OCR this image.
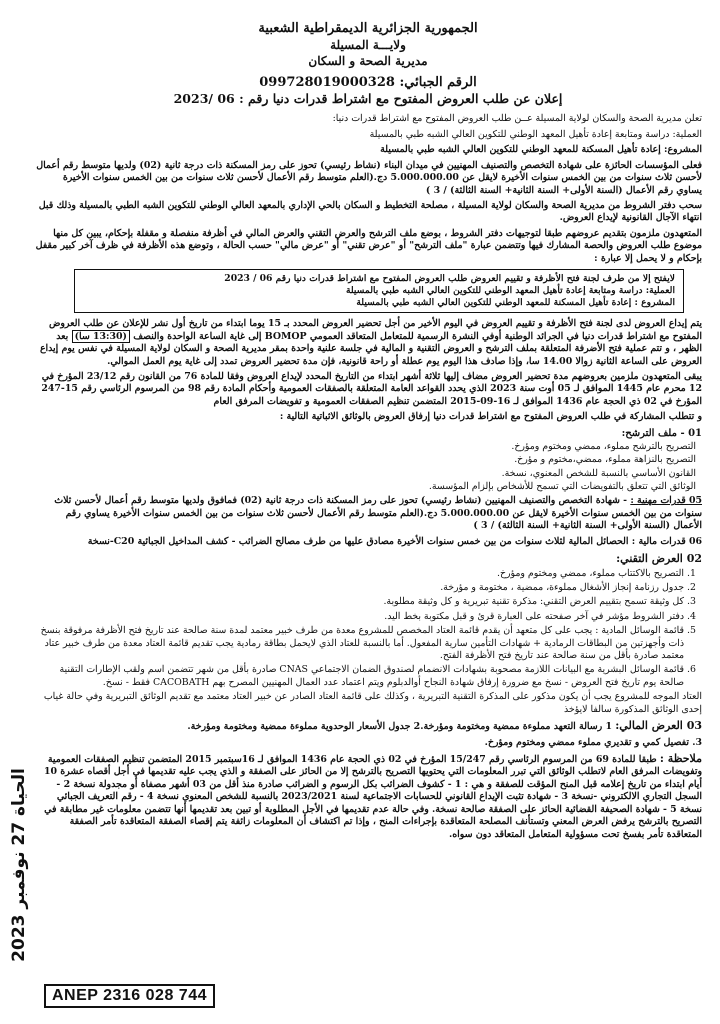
الجمهورية الجزائرية الديمقراطية الشعبية
ولايـــة المسيلة
مديرية الصحة و السكان
الرقم الجبائي: 099728019000328
إعلان عن طلب العروض المفتوح مع اشتراط قدرات دنيا رقم : 06 /2023

تعلن مديرية الصحة والسكان لولاية المسيلة عــن طلب العروض المفتوح مع اشتراط قدرات دنيا:

العملية: دراسة ومتابعة إعادة تأهيل المعهد الوطني للتكوين العالي الشبه طبي بالمسيلة

المشروع: إعادة تأهيل المسكنة للمعهد الوطني للتكوين العالي الشبه طبي بالمسيلة

فعلى المؤسسات الحائزة على شهادة التخصص والتصنيف المهنيين في ميدان البناء (نشاط رئيسي) تحوز على رمز المسكنة ذات درجة ثانية (02) ولديها متوسط رقم أعمال لأحسن ثلاث سنوات من بين الخمس سنوات الأخيرة لايقل عن 5.000.000.00 دج.(العلم متوسط رقم الأعمال لأحسن ثلاث سنوات من بين الخمس سنوات الأخيرة يساوي رقم الأعمال (السنة الأولى+ السنة الثانية+ السنة الثالثة) / 3 )

سحب دفتر الشروط من مديرية الصحة والسكان لولاية المسيلة ، مصلحة التخطيط و السكان بالحي الإداري بالمعهد العالي الوطني للتكوين الشبه الطبي بالمسيلة وذلك قبل انتهاء الآجال القانونية لإيداع العروض.

المتعهدون ملزمون بتقديم عروضهم طبقا لتوجيهات دفتر الشروط ، بوضع ملف الترشح والعرض التقني والعرض المالي في أظرفة منفصلة و مقفلة بإحكام، يبين كل منها موضوع طلب العروض والحصة المشارك فيها وتتضمن عبارة "ملف الترشح" أو "عرض تقني" أو "عرض مالي" حسب الحالة ، وتوضع هذه الأظرفة في ظرف آخر كبير مقفل بإحكام و لا يحمل إلا عبارة :

لايفتح إلا من طرف لجنة فتح الأظرفة و تقييم العروض طلب العروض المفتوح مع اشتراط قدرات دنيا رقم 06 / 2023
العملية: دراسة ومتابعة إعادة تأهيل المعهد الوطني للتكوين العالي الشبه طبي بالمسيلة
المشروع : إعادة تأهيل المسكنة للمعهد الوطني للتكوين العالي الشبه طبي بالمسيلة

يتم إيداع العروض لدى لجنة فتح الأظرفة و تقييم العروض في اليوم الأخير من أجل تحضير العروض المحدد بـ 15 يوما ابتداء من تاريخ أول نشر للإعلان عن طلب العروض المفتوح مع اشتراط قدرات دنيا في الجرائد الوطنية أوفي النشرة الرسمية للمتعامل المتعاقد العمومي BOMOP إلى غاية الساعة الواحدة والنصف (13:30 سا) بعد الظهر ، و تتم عملية فتح الأضرفة المتعلقة بملف الترشح و العروض التقنية و المالية في جلسة علنية واحدة بمقر مديرية الصحة و السكان لولاية المسيلة في نفس يوم إيداع العروض على الساعة الثانية زوالا 14.00 سا، وإذا صادف هذا اليوم يوم عطلة أو راحة قانونية، فإن مدة تحضير العروض تمدد إلى غاية يوم العمل الموالي.

يبقى المتعهدون ملزمين بعروضهم مدة تحضير العروض مضاف إليها ثلاثة أشهر ابتداء من التاريخ المحدد لإيداع العروض وفقا للمادة 76 من القانون رقم 23/12 المؤرخ في 12 محرم عام 1445 الموافق لـ 05 أوت سنة 2023 الذي يحدد القواعد العامة المتعلقة بالصفقات العمومية وأحكام المادة رقم 98 من المرسوم الرئاسي رقم 15-247 المؤرخ في 02 ذي الحجة عام 1436 الموافق لـ 16-09-2015 المتضمن تنظيم الصفقات العمومية و تفويضات المرفق العام

و تتطلب المشاركة في طلب العروض المفتوح مع اشتراط قدرات دنيا إرفاق العروض بالوثائق الاثباتية التالية :

01 - ملف الترشح:
التصريح بالترشح مملوء، ممضي ومختوم ومؤرخ.
التصريح بالنزاهة مملوء، ممضي،مختوم و مؤرخ.
القانون الأساسي بالنسبة للشخص المعنوي، نسخة.
الوثائق التي تتعلق بالتفويضات التي تسمح للأشخاص بإلزام المؤسسة.

05 قدرات مهنية : - شهادة التخصص والتصنيف المهنيين (نشاط رئيسي) تحوز على رمز المسكنة ذات درجة ثانية (02) فمافوق ولديها متوسط رقم أعمال لأحسن ثلاث سنوات من بين الخمس سنوات الأخيرة لايقل عن 5.000.000.00 دج.(العلم متوسط رقم الأعمال لأحسن ثلاث سنوات من بين الخمس سنوات الأخيرة يساوي رقم الأعمال (السنة الأولى+ السنة الثانية+ السنة الثالثة) / 3 )

06 قدرات مالية : الحصائل المالية لثلاث سنوات من بين خمس سنوات الأخيرة مصادق عليها من طرف مصالح الضرائب - كشف المداخيل الجبائية C20-نسخة

02 العرض التقني:
1. التصريح بالاكتتاب مملوء، ممضي ومختوم ومؤرخ.
2. جدول رزنامة إنجاز الأشغال مملوءة، ممضية ، مختومة و مؤرخة.
3. كل وثيقة تسمح بتقييم العرض التقني: مذكرة تقنية تبريرية و كل وثيقة مطلوبة.
4. دفتر الشروط مؤشر في آخر صفحته على العبارة قرئ و قبل مكتوبة بخط اليد.
5. قائمة الوسائل المادية : يجب على كل متعهد أن يقدم قائمة العتاد المخصص للمشروع معدة من طرف خبير معتمد لمدة سنة صالحة عند تاريخ فتح الأظرفة مرفوقة بنسخ ذات وأجهزتين من البطاقات الرمادية + شهادات التأمين سارية المفعول. أما بالنسبة للعتاد الذي لايحمل بطاقة رمادية يجب تقديم قائمة العتاد معدة من طرف خبير عتاد معتمد صادرة بأقل من سنة صالحة عند تاريخ فتح الأظرفة الفتح.
6. قائمة الوسائل البشرية مع البيانات اللازمة مصحوبة بشهادات الانضمام لصندوق الضمان الاجتماعي CNAS صادرة بأقل من شهر تتضمن اسم ولقب الإطارات التقنية صالحة يوم تاريخ فتح العروض - نسخ مع ضرورة إرفاق شهادة النجاح أوالدبلوم ويتم اعتماد عدد العمال المهنيين المصرح بهم CACOBATH فقط - نسخ.

العتاد الموجه للمشروع يجب أن يكون مذكور على المذكرة التقنية التبريرية ، وكذلك على قائمة العتاد الصادر عن خبير العتاد معتمد مع تقديم الوثائق التبريرية وفي حالة غياب إحدى الوثائق المذكورة سالفا لايؤخذ

03 العرض المالي: 1 رسالة التعهد مملوءة ممضية ومختومة ومؤرخة.2 جدول الأسعار الوحدوية مملوءة ممضية ومختومة ومؤرخة.

3. تفصيل كمي و تقديري مملوء ممضي ومختوم ومؤرخ.

ملاحظة : طبقا للمادة 69 من المرسوم الرئاسي رقم 15/247 المؤرخ في 02 ذي الحجة عام 1436 الموافق لـ 16سبتمبر 2015 المتضمن تنظيم الصفقات العمومية وتفويضات المرفق العام لاتطلب الوثائق التي تبرر المعلومات التي يحتويها التصريح بالترشح إلا من الحائز على الصفقة و الذي يجب عليه تقديمها في أجل أقصاه عشرة 10 أيام ابتداء من تاريخ إعلامه قبل المنح المؤقت للصفقة و هي : 1 - كشوف الضرائب بكل الرسوم و الضرائب صادرة منذ أقل من 03 أشهر مصفاة أو مجدولة نسخة 2 - السجل التجاري الالكتروني -نسخة 3 - شهادة تثبت الإيداع القانوني للحسابات الاجتماعية لسنة 2023/2021 بالنسبة للشخص المعنوي نسخة 4 - رقم التعريف الجبائي نسخة 5 - شهادة الصحيفة القضائية الحائز على الصفقة صالحة نسخة. وفي حالة عدم تقديمها في الأجل المطلوبة أو تبين بعد تقديمها أنها تتضمن معلومات غير مطابقة في التصريح بالترشح يرفض العرض المعني وتستأنف المصلحة المتعاقدة بإجراءات المنح ، وإذا تم اكتشاف أن المعلومات زائفة يتم إقصاء الصفقة المتعاقدة تأمر الصفقة المتعاقدة تأمر بفسخ تحت مسؤولية المتعامل المتعاقد دون سواه.

الحياة 27 نوفمبر 2023
ANEP 2316 028 744
